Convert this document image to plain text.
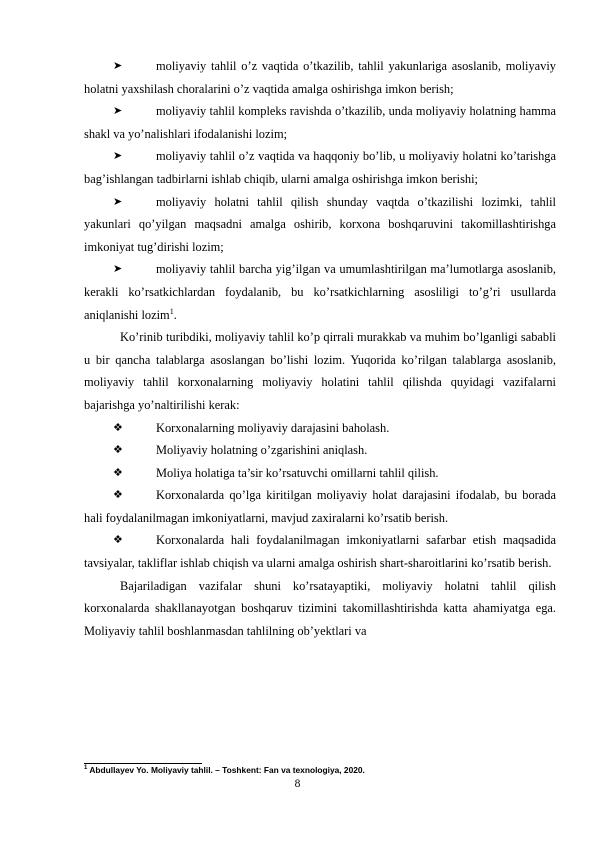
➤	moliyaviy tahlil o’z vaqtida o’tkazilib, tahlil yakunlariga asoslanib, moliyaviy holatni yaxshilash choralarini o’z vaqtida amalga oshirishga imkon berish;

➤	moliyaviy tahlil kompleks ravishda o’tkazilib, unda moliyaviy holatning hamma shakl va yo’nalishlari ifodalanishi lozim;

➤	moliyaviy tahlil o’z vaqtida va haqqoniy bo’lib, u moliyaviy holatni ko’tarishga bag’ishlangan tadbirlarni ishlab chiqib, ularni amalga oshirishga imkon berishi;

➤	moliyaviy holatni tahlil qilish shunday vaqtda o’tkazilishi lozimki, tahlil yakunlari qo’yilgan maqsadni amalga oshirib, korxona boshqaruvini takomillashtirishga imkoniyat tug’dirishi lozim;

➤	moliyaviy tahlil barcha yig’ilgan va umumlashtirilgan ma’lumotlarga asoslanib, kerakli ko’rsatkichlardan foydalanib, bu ko’rsatkichlarning asosliligi to’g’ri usullarda aniqlanishi lozim$^1$.

Ko’rinib turibdiki, moliyaviy tahlil ko’p qirrali murakkab va muhim bo’lganligi sababli u bir qancha talablarga asoslangan bo’lishi lozim. Yuqorida ko’rilgan talablarga asoslanib, moliyaviy tahlil korxonalarning moliyaviy holatini tahlil qilishda quyidagi vazifalarni bajarishga yo’naltirilishi kerak:

❖	Korxonalarning moliyaviy darajasini baholash.

❖	Moliyaviy holatning o’zgarishini aniqlash.

❖	Moliya holatiga ta’sir ko’rsatuvchi omillarni tahlil qilish.

❖	Korxonalarda qo’lga kiritilgan moliyaviy holat darajasini ifodalab, bu borada hali foydalanilmagan imkoniyatlarni, mavjud zaxiralarni ko’rsatib berish.

❖	Korxonalarda hali foydalanilmagan imkoniyatlarni safarbar etish maqsadida tavsiyalar, takliflar ishlab chiqish va ularni amalga oshirish shart-sharoitlarini ko’rsatib berish.

Bajariladigan vazifalar shuni ko’rsatayaptiki, moliyaviy holatni tahlil qilish korxonalarda shakllanayotgan boshqaruv tizimini takomillashtirishda katta ahamiyatga ega. Moliyaviy tahlil boshlanmasdan tahlilning ob’yektlari va

$^1$ Abdullayev Yo. Moliyaviy tahlil. – Toshkent: Fan va texnologiya, 2020.
8
